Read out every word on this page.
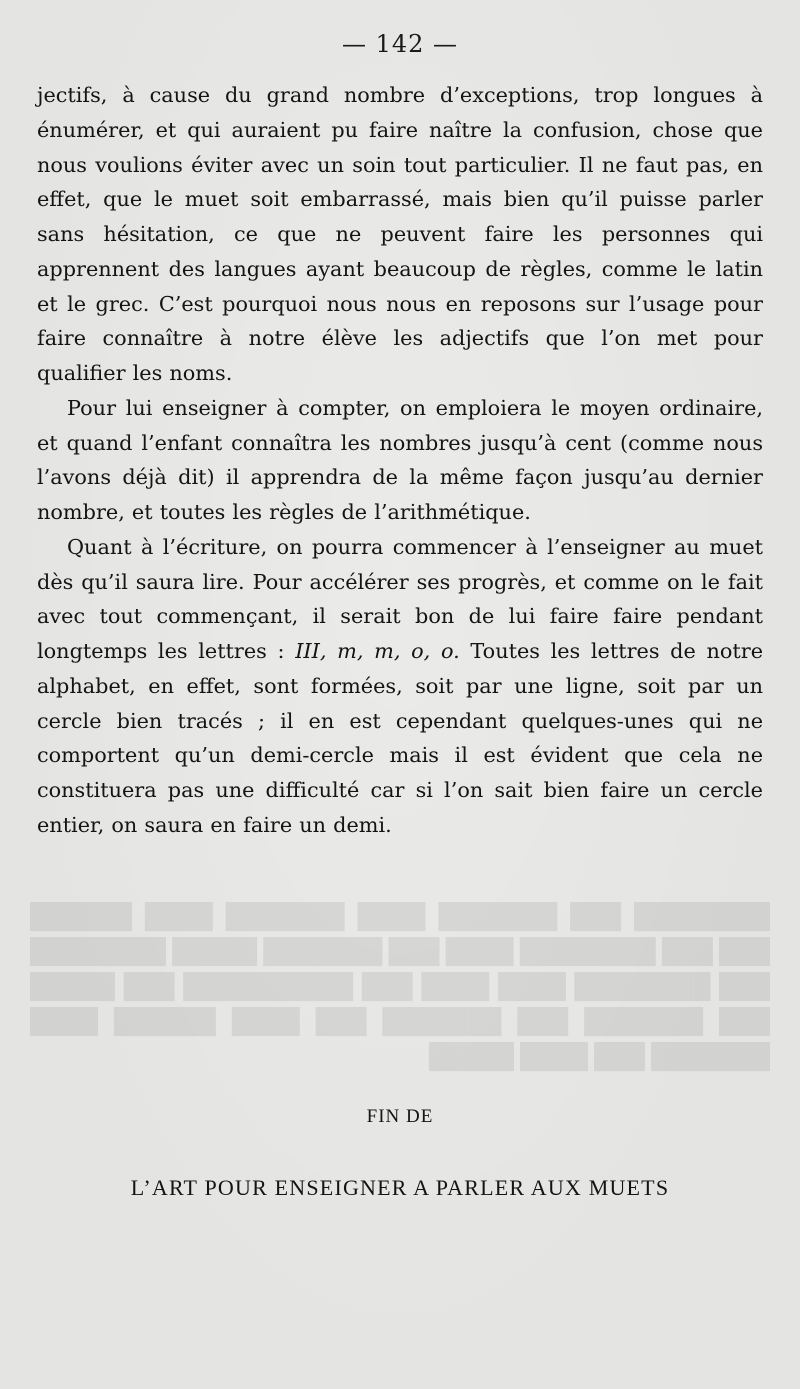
████████ ███ ███████ ████ ███████ ████ ██████ ███ ███ ████████ ████ ███ ███████ █████ ████████ ███ ████████ ████ ████ ███ ██████████ ███ █████ ███ ███████ ███ ███████ ███ ████ ██████ ████ ███████ ███ ████ █████
— 142 —

jectifs, à cause du grand nombre d’exceptions, trop longues à énumérer, et qui auraient pu faire naître la confusion, chose que nous voulions éviter avec un soin tout particulier. Il ne faut pas, en effet, que le muet soit embarrassé, mais bien qu’il puisse parler sans hésitation, ce que ne peuvent faire les personnes qui apprennent des langues ayant beaucoup de règles, comme le latin et le grec. C’est pourquoi nous nous en reposons sur l’usage pour faire connaître à notre élève les adjectifs que l’on met pour qualifier les noms.

Pour lui enseigner à compter, on emploiera le moyen ordinaire, et quand l’enfant connaîtra les nombres jusqu’à cent (comme nous l’avons déjà dit) il apprendra de la même façon jusqu’au dernier nombre, et toutes les règles de l’arithmétique.

Quant à l’écriture, on pourra commencer à l’enseigner au muet dès qu’il saura lire. Pour accélérer ses progrès, et comme on le fait avec tout commençant, il serait bon de lui faire faire pendant longtemps les lettres : III, m, m, o, o. Toutes les lettres de notre alphabet, en effet, sont formées, soit par une ligne, soit par un cercle bien tracés ; il en est cependant quelques-unes qui ne comportent qu’un demi-cercle mais il est évident que cela ne constituera pas une difficulté car si l’on sait bien faire un cercle entier, on saura en faire un demi.

FIN DE
L’ART POUR ENSEIGNER A PARLER AUX MUETS
